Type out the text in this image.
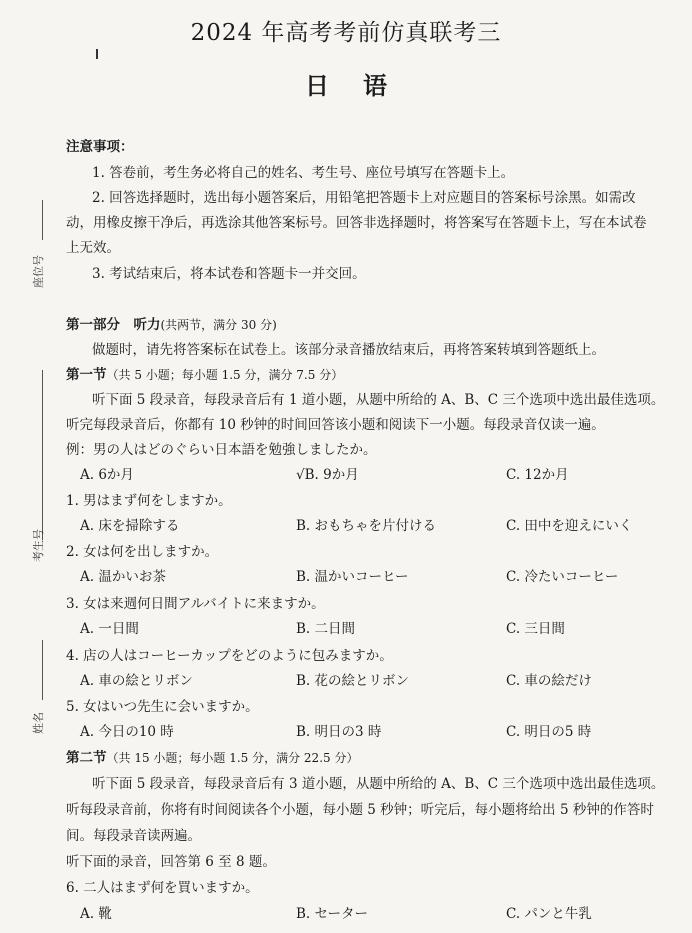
2024 年高考考前仿真联考三
日语
座位号
考生号
姓名
注意事项：
1. 答卷前，考生务必将自己的姓名、考生号、座位号填写在答题卡上。
2. 回答选择题时，选出每小题答案后，用铅笔把答题卡上对应题目的答案标号涂黑。如需改
动，用橡皮擦干净后，再选涂其他答案标号。回答非选择题时，将答案写在答题卡上，写在本试卷
上无效。
3. 考试结束后，将本试卷和答题卡一并交回。
第一部分　听力(共两节，满分 30 分)
做题时，请先将答案标在试卷上。该部分录音播放结束后，再将答案转填到答题纸上。
第一节（共 5 小题；每小题 1.5 分，满分 7.5 分）
听下面 5 段录音，每段录音后有 1 道小题，从题中所给的 A、B、C 三个选项中选出最佳选项。
听完每段录音后，你都有 10 秒钟的时间回答该小题和阅读下一小题。每段录音仅读一遍。
例：男の人はどのぐらい日本語を勉強しましたか。
A. 6か月	√B. 9か月	C. 12か月
1. 男はまず何をしますか。
A. 床を掃除する	B. おもちゃを片付ける	C. 田中を迎えにいく
2. 女は何を出しますか。
A. 温かいお茶	B. 温かいコーヒー	C. 冷たいコーヒー
3. 女は来週何日間アルバイトに来ますか。
A. 一日間	B. 二日間	C. 三日間
4. 店の人はコーヒーカップをどのように包みますか。
A. 車の絵とリボン	B. 花の絵とリボン	C. 車の絵だけ
5. 女はいつ先生に会いますか。
A. 今日の10 時	B. 明日の3 時	C. 明日の5 時
第二节（共 15 小题；每小题 1.5 分，满分 22.5 分）
听下面 5 段录音，每段录音后有 3 道小题，从题中所给的 A、B、C 三个选项中选出最佳选项。
听每段录音前，你将有时间阅读各个小题，每小题 5 秒钟；听完后，每小题将给出 5 秒钟的作答时
间。每段录音读两遍。
听下面的录音，回答第 6 至 8 题。
6. 二人はまず何を買いますか。
A. 靴	B. セーター	C. パンと牛乳
